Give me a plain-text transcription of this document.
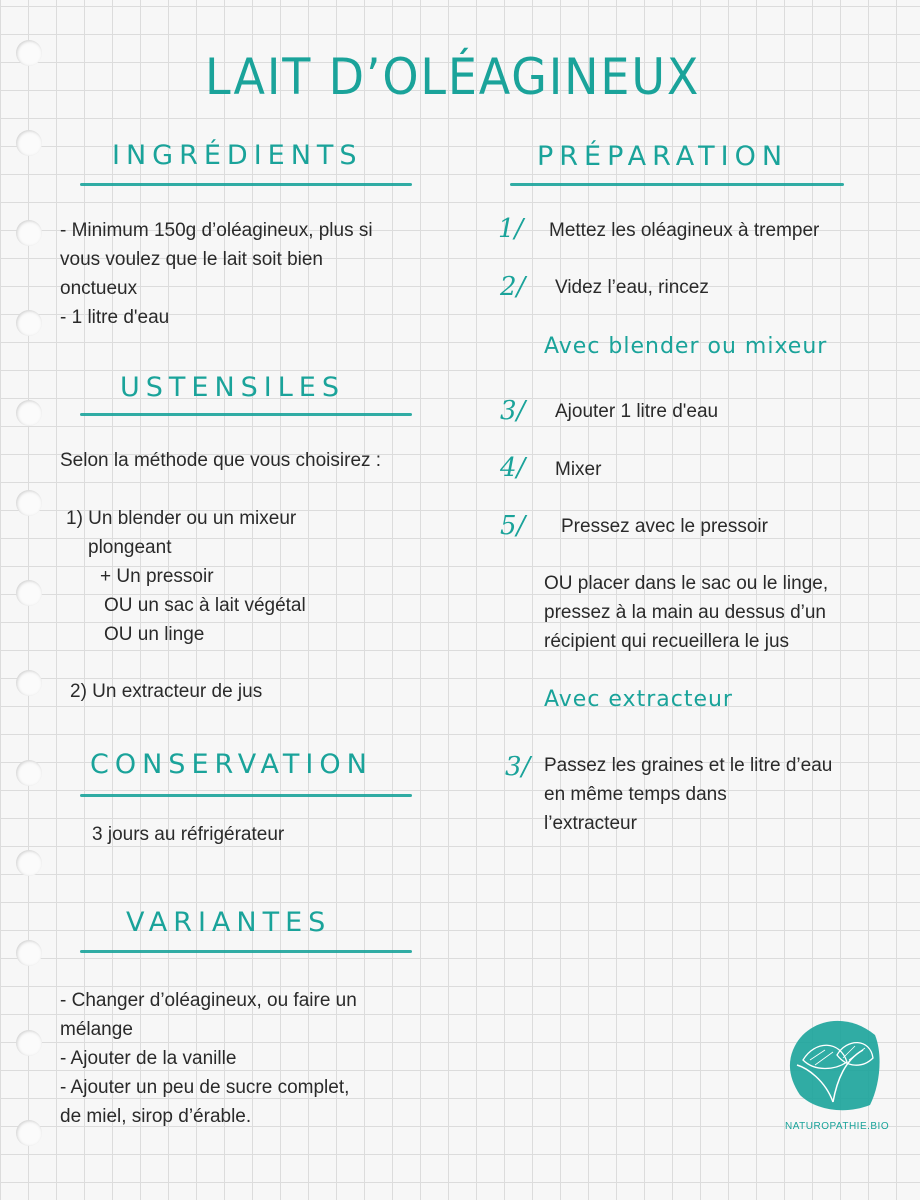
LAIT D’OLÉAGINEUX
INGRÉDIENTS
- Minimum 150g d’oléagineux, plus si
vous voulez que le lait soit bien
onctueux
- 1 litre d'eau
USTENSILES
Selon la méthode que vous choisirez :
1) Un blender ou un mixeur
plongeant
+ Un pressoir
OU un sac à lait végétal
OU un linge
2) Un extracteur de jus
CONSERVATION
3 jours au réfrigérateur
VARIANTES
- Changer d’oléagineux, ou faire un
mélange
- Ajouter de la vanille
- Ajouter un peu de sucre complet,
de miel, sirop d’érable.
PRÉPARATION
1/ Mettez les oléagineux à tremper
2/ Videz l’eau, rincez
Avec blender ou mixeur
3/ Ajouter 1 litre d'eau
4/ Mixer
5/ Pressez avec le pressoir
OU placer dans le sac ou le linge,
pressez à la main au dessus d’un
récipient qui recueillera le jus
Avec extracteur
3/ Passez les graines et le litre d’eau
en même temps dans
l’extracteur
NATUROPATHIE.BIO
